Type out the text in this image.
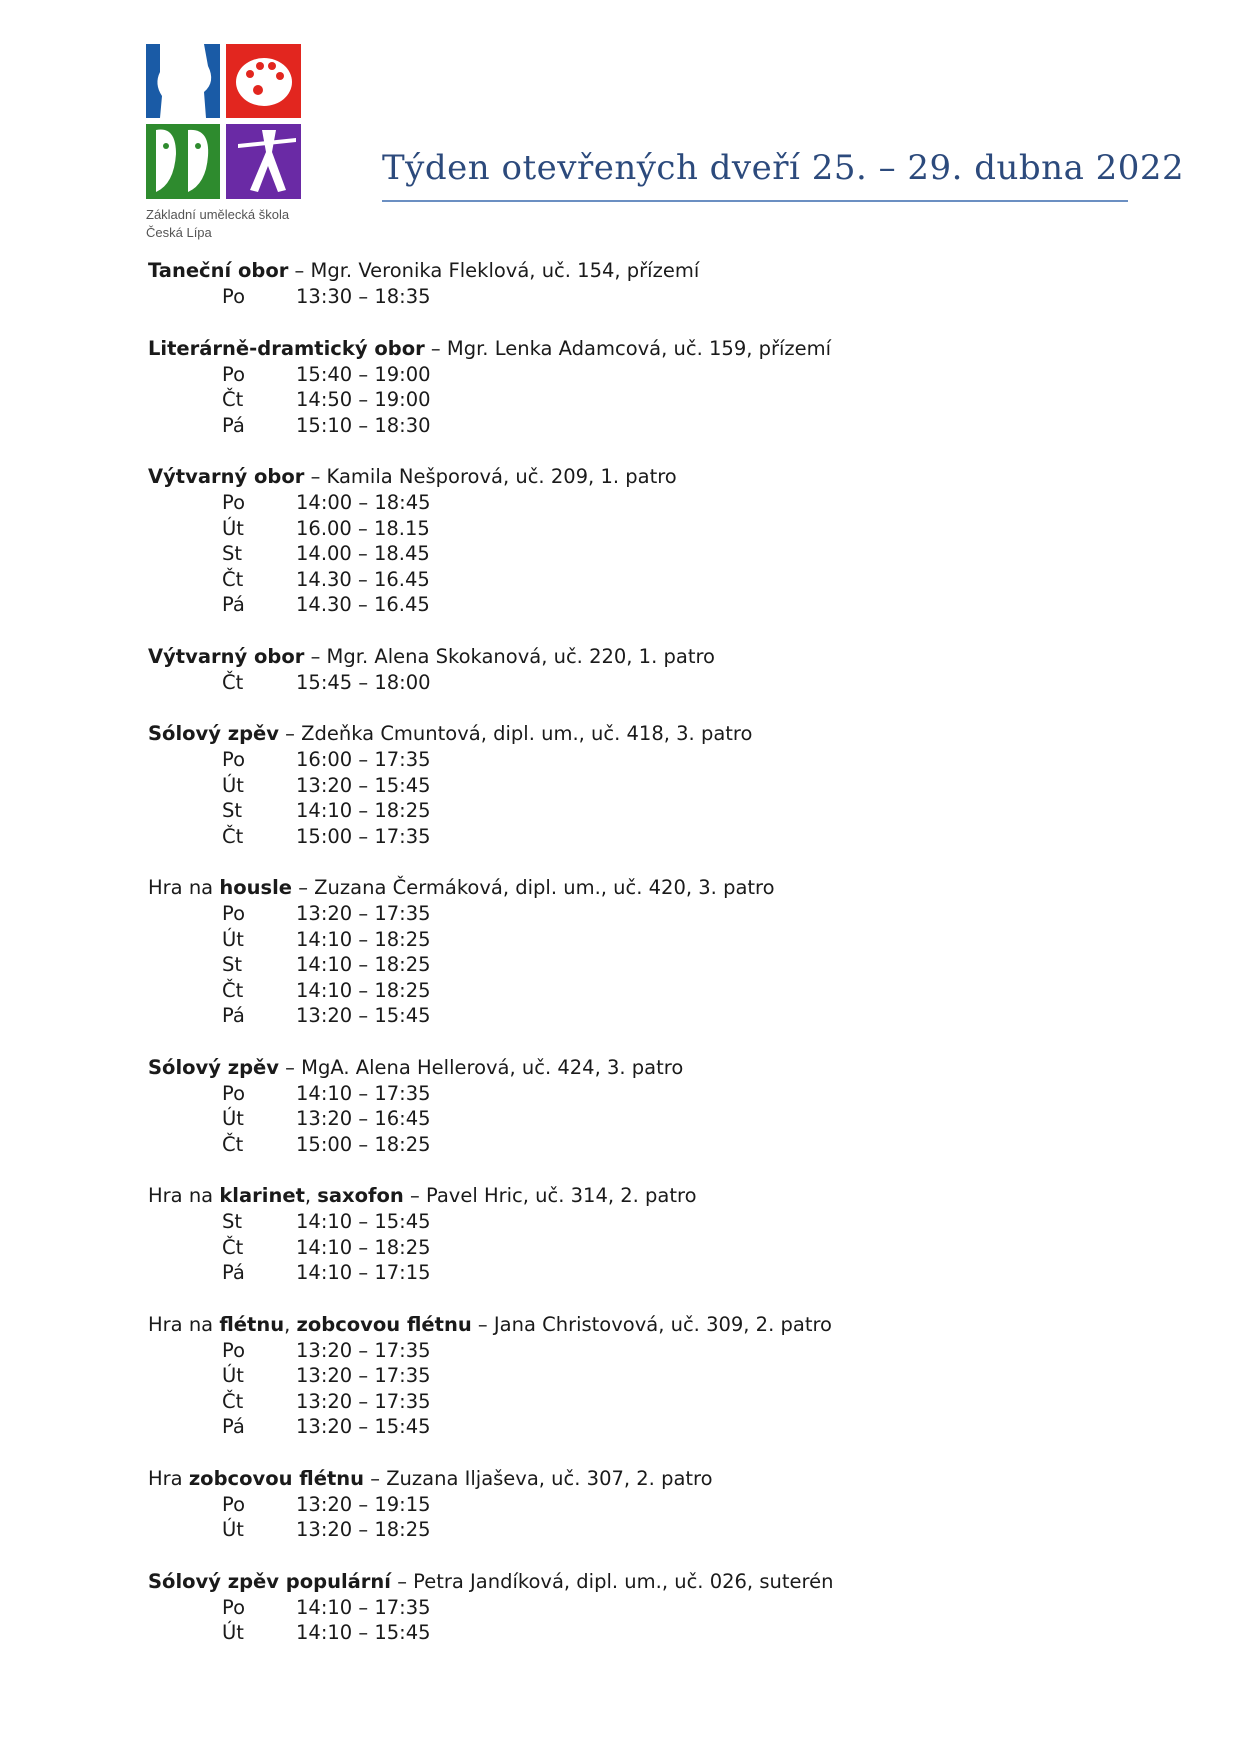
Základní umělecká škola
Česká Lípa
Týden otevřených dveří 25. – 29. dubna 2022
Taneční obor – Mgr. Veronika Fleklová, uč. 154, přízemí
Po	13:30 – 18:35
Literárně-dramtický obor – Mgr. Lenka Adamcová, uč. 159, přízemí
Po	15:40 – 19:00
Čt	14:50 – 19:00
Pá	15:10 – 18:30
Výtvarný obor – Kamila Nešporová, uč. 209, 1. patro
Po	14:00 – 18:45
Út	16.00 – 18.15
St	14.00 – 18.45
Čt	14.30 – 16.45
Pá	14.30 – 16.45
Výtvarný obor – Mgr. Alena Skokanová, uč. 220, 1. patro
Čt	15:45 – 18:00
Sólový zpěv – Zdeňka Cmuntová, dipl. um., uč. 418, 3. patro
Po	16:00 – 17:35
Út	13:20 – 15:45
St	14:10 – 18:25
Čt	15:00 – 17:35
Hra na housle – Zuzana Čermáková, dipl. um., uč. 420, 3. patro
Po	13:20 – 17:35
Út	14:10 – 18:25
St	14:10 – 18:25
Čt	14:10 – 18:25
Pá	13:20 – 15:45
Sólový zpěv – MgA. Alena Hellerová, uč. 424, 3. patro
Po	14:10 – 17:35
Út	13:20 – 16:45
Čt	15:00 – 18:25
Hra na klarinet, saxofon – Pavel Hric, uč. 314, 2. patro
St	14:10 – 15:45
Čt	14:10 – 18:25
Pá	14:10 – 17:15
Hra na flétnu, zobcovou flétnu – Jana Christovová, uč. 309, 2. patro
Po	13:20 – 17:35
Út	13:20 – 17:35
Čt	13:20 – 17:35
Pá	13:20 – 15:45
Hra zobcovou flétnu – Zuzana Iljaševa, uč. 307, 2. patro
Po	13:20 – 19:15
Út	13:20 – 18:25
Sólový zpěv populární – Petra Jandíková, dipl. um., uč. 026, suterén
Po	14:10 – 17:35
Út	14:10 – 15:45
